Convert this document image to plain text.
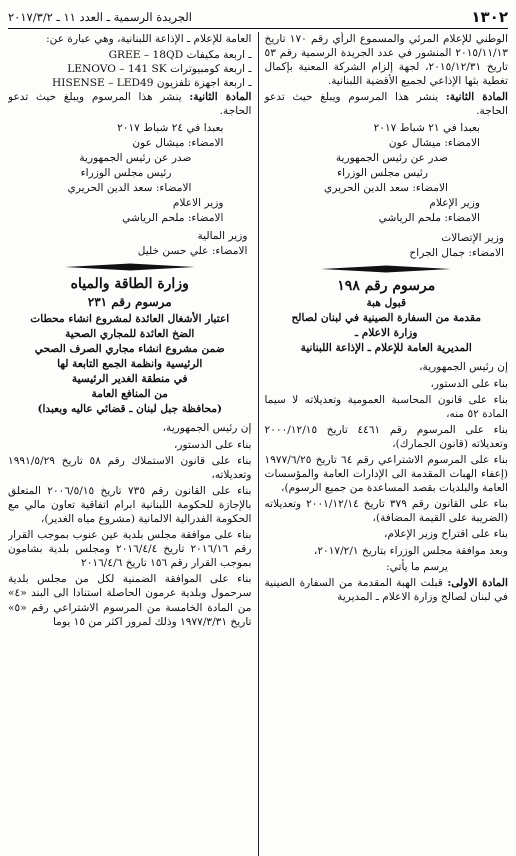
١٣٠٢
الجريدة الرسمية ـ العدد ١١ ـ ٢٠١٧/٣/٢

الوطني للإعلام المرئي والمسموع الرأي رقم ١٧٠ تاريخ ٢٠١٥/١١/١٣ المنشور في عدد الجريدة الرسمية رقم ٥٣ تاريخ ٢٠١٥/١٢/٣١، لجهة إلزام الشركة المعنية بإكمال تغطية بثها الإذاعي لجميع الأقضية اللبنانية.

المادة الثانية: ينشر هذا المرسوم ويبلغ حيث تدعو الحاجة.

بعبدا في ٢١ شباط ٢٠١٧

الامضاء: ميشال عون

صدر عن رئيس الجمهورية

رئيس مجلس الوزراء

الامضاء: سعد الدين الحريري

وزير الإعلام

الامضاء: ملحم الرياشي

وزير الإتصالات

الامضاء: جمال الجراح

مرسوم رقم ١٩٨

قبول هبة

مقدمة من السفارة الصينية في لبنان لصالح

وزارة الاعلام ـ

المديرية العامة للإعلام ـ الإذاعة اللبنانية

إن رئيس الجمهورية،

بناء على الدستور،

بناء على قانون المحاسبة العمومية وتعديلاته لا سيما المادة ٥٢ منه،

بناء على المرسوم رقم ٤٤٦١ تاريخ ٢٠٠٠/١٢/١٥ وتعديلاته (قانون الجمارك)،

بناء على المرسوم الاشتراعي رقم ٦٤ تاريخ ١٩٧٧/٦/٢٥ (إعفاء الهبات المقدمة الى الإدارات العامة والمؤسسات العامة والبلديات بقصد المساعدة من جميع الرسوم)،

بناء على القانون رقم ٣٧٩ تاريخ ٢٠٠١/١٢/١٤ وتعديلاته (الضريبة على القيمة المضافة)،

بناء على اقتراح وزير الإعلام،

وبعد موافقة مجلس الوزراء بتاريخ ٢٠١٧/٢/١،

يرسم ما يأتي:

المادة الاولى: قبلت الهبة المقدمة من السفارة الصينية في لبنان لصالح وزارة الاعلام ـ المديرية

العامة للإعلام ـ الإذاعة اللبنانية، وهي عبارة عن:

ـ اربعة مكيفات GREE – 18QD

ـ اربعة كومبيوترات LENOVO – 141 SK

ـ اربعة اجهزة تلفزيون HISENSE – LED49

المادة الثانية: ينشر هذا المرسوم ويبلغ حيث تدعو الحاجة.

بعبدا في ٢٤ شباط ٢٠١٧

الامضاء: ميشال عون

صدر عن رئيس الجمهورية

رئيس مجلس الوزراء

الامضاء: سعد الدين الحريري

وزير الاعلام

الامضاء: ملحم الرياشي

وزير المالية

الامضاء: علي حسن خليل

وزارة الطاقة والمياه

مرسوم رقم ٢٣١

اعتبار الأشغال العائدة لمشروع انشاء محطات

الضخ العائدة للمجاري الصحية

ضمن مشروع انشاء مجاري الصرف الصحي

الرئيسية وانظمة الجمع التابعة لها

في منطقة الغدير الرئيسية

من المنافع العامة

(محافظة جبل لبنان ـ قضائي عاليه وبعبدا)

إن رئيس الجمهورية،

بناء على الدستور،

بناء على قانون الاستملاك رقم ٥٨ تاريخ ١٩٩١/٥/٢٩ وتعديلاته،

بناء على القانون رقم ٧٣٥ تاريخ ٢٠٠٦/٥/١٥ المتعلق بالإجازة للحكومة اللبنانية ابرام اتفاقية تعاون مالي مع الحكومة الفدرالية الالمانية (مشروع مياه الغدير)،

بناء على موافقة مجلس بلدية عين عنوب بموجب القرار رقم ٢٠١٦/١٦ تاريخ ٢٠١٦/٤/٤ ومجلس بلدية بشامون بموجب القرار رقم ١٥٦ تاريخ ٢٠١٦/٤/٦

بناء على الموافقة الضمنية لكل من مجلس بلدية سرحمول وبلدية عرمون الحاصلة استنادا الى البند «٤» من المادة الخامسة من المرسوم الاشتراعي رقم «٥» تاريخ ١٩٧٧/٣/٣١ وذلك لمرور اكثر من ١٥ يوما
